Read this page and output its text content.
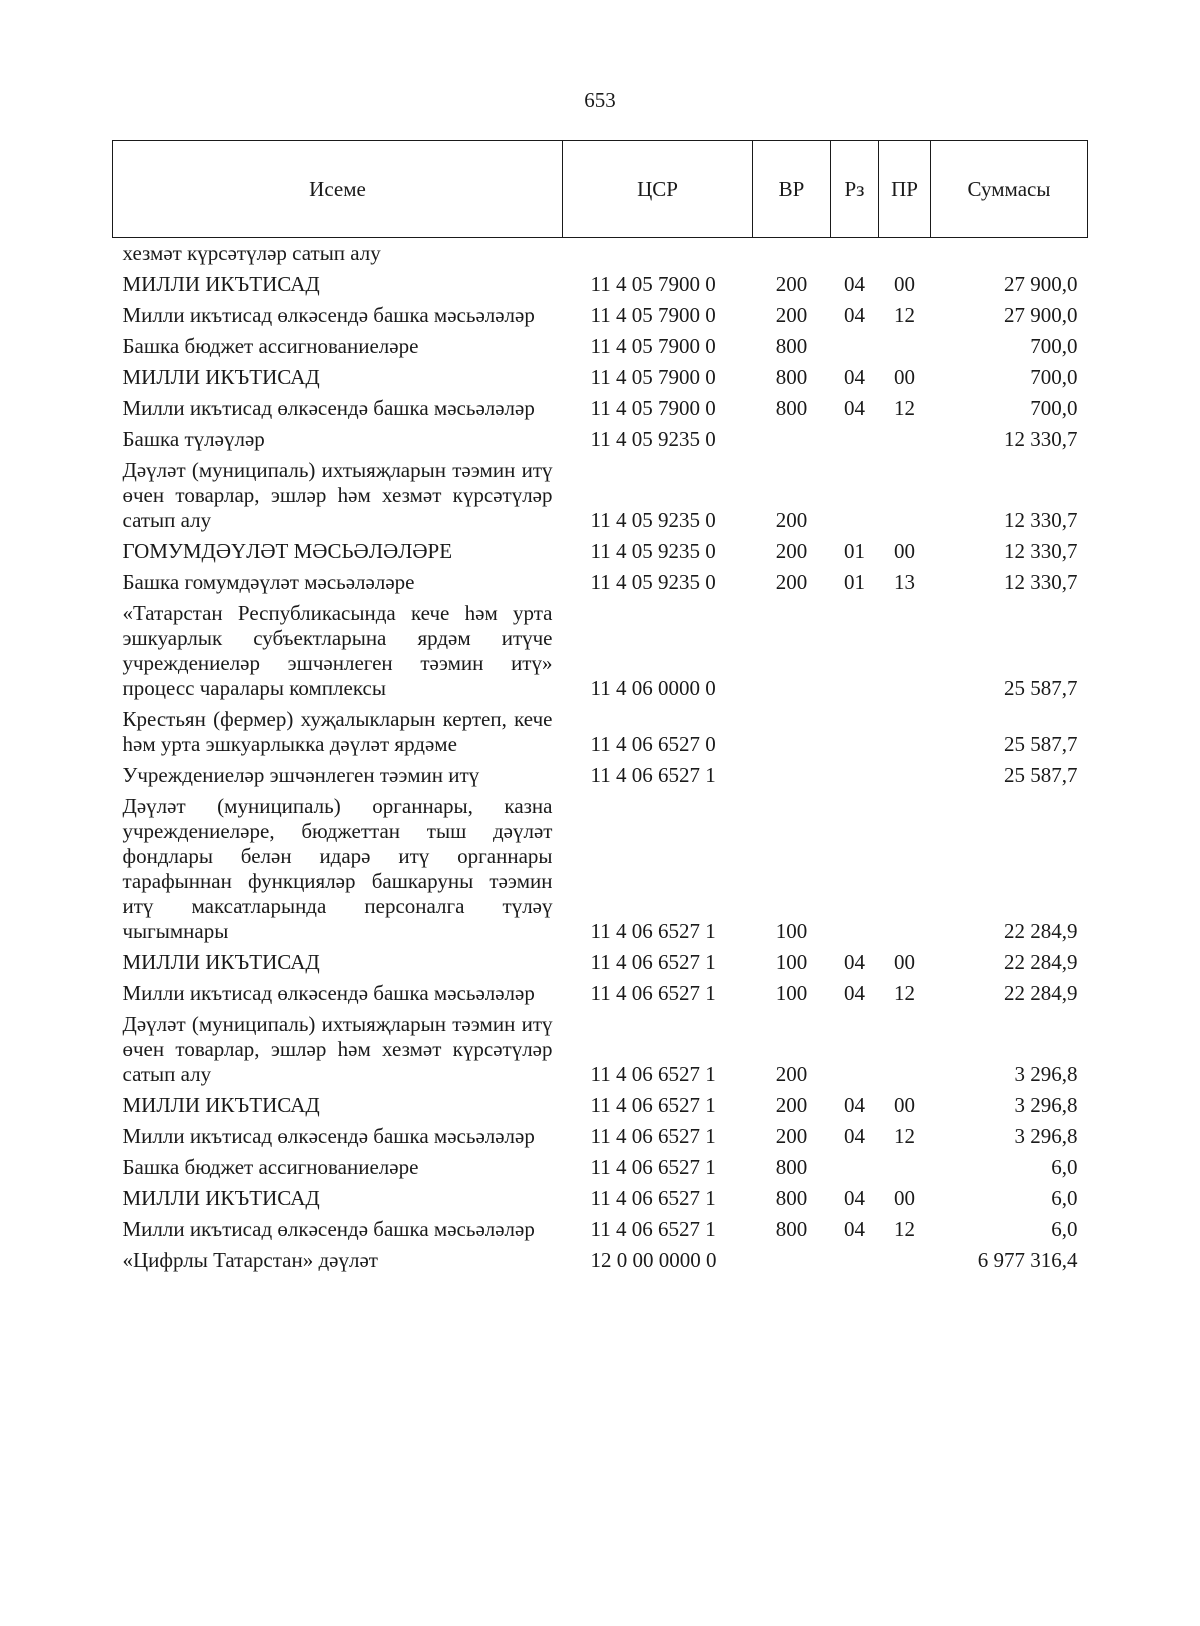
653
Исеме	ЦСР	ВР	Рз	ПР	Суммасы
хезмәт күрсәтүләр сатып алу					
МИЛЛИ ИКЪТИСАД	11 4 05 7900 0	200	04	00	27 900,0
Милли икътисад өлкәсендә башка мәсьәләләр	11 4 05 7900 0	200	04	12	27 900,0
Башка бюджет ассигнованиеләре	11 4 05 7900 0	800			700,0
МИЛЛИ ИКЪТИСАД	11 4 05 7900 0	800	04	00	700,0
Милли икътисад өлкәсендә башка мәсьәләләр	11 4 05 7900 0	800	04	12	700,0
Башка түләүләр	11 4 05 9235 0				12 330,7
Дәүләт (муниципаль) ихтыяҗларын тәэмин итү өчен товарлар, эшләр һәм хезмәт күрсәтүләр сатып алу	11 4 05 9235 0	200			12 330,7
ГОМУМДӘҮЛӘТ МӘСЬӘЛӘЛӘРЕ	11 4 05 9235 0	200	01	00	12 330,7
Башка гомумдәүләт мәсьәләләре	11 4 05 9235 0	200	01	13	12 330,7
«Татарстан Республикасында кече һәм урта эшкуарлык субъектларына ярдәм итүче учреждениеләр эшчәнлеген тәэмин итү» процесс чаралары комплексы	11 4 06 0000 0				25 587,7
Крестьян (фермер) хуҗалыкларын кертеп, кече һәм урта эшкуарлыкка дәүләт ярдәме	11 4 06 6527 0				25 587,7
Учреждениеләр эшчәнлеген тәэмин итү	11 4 06 6527 1				25 587,7
Дәүләт (муниципаль) органнары, казна учреждениеләре, бюджеттан тыш дәүләт фондлары белән идарә итү органнары тарафыннан функцияләр башкаруны тәэмин итү максатларында персоналга түләү чыгымнары	11 4 06 6527 1	100			22 284,9
МИЛЛИ ИКЪТИСАД	11 4 06 6527 1	100	04	00	22 284,9
Милли икътисад өлкәсендә башка мәсьәләләр	11 4 06 6527 1	100	04	12	22 284,9
Дәүләт (муниципаль) ихтыяҗларын тәэмин итү өчен товарлар, эшләр һәм хезмәт күрсәтүләр сатып алу	11 4 06 6527 1	200			3 296,8
МИЛЛИ ИКЪТИСАД	11 4 06 6527 1	200	04	00	3 296,8
Милли икътисад өлкәсендә башка мәсьәләләр	11 4 06 6527 1	200	04	12	3 296,8
Башка бюджет ассигнованиеләре	11 4 06 6527 1	800			6,0
МИЛЛИ ИКЪТИСАД	11 4 06 6527 1	800	04	00	6,0
Милли икътисад өлкәсендә башка мәсьәләләр	11 4 06 6527 1	800	04	12	6,0
«Цифрлы Татарстан» дәүләт	12 0 00 0000 0				6 977 316,4
